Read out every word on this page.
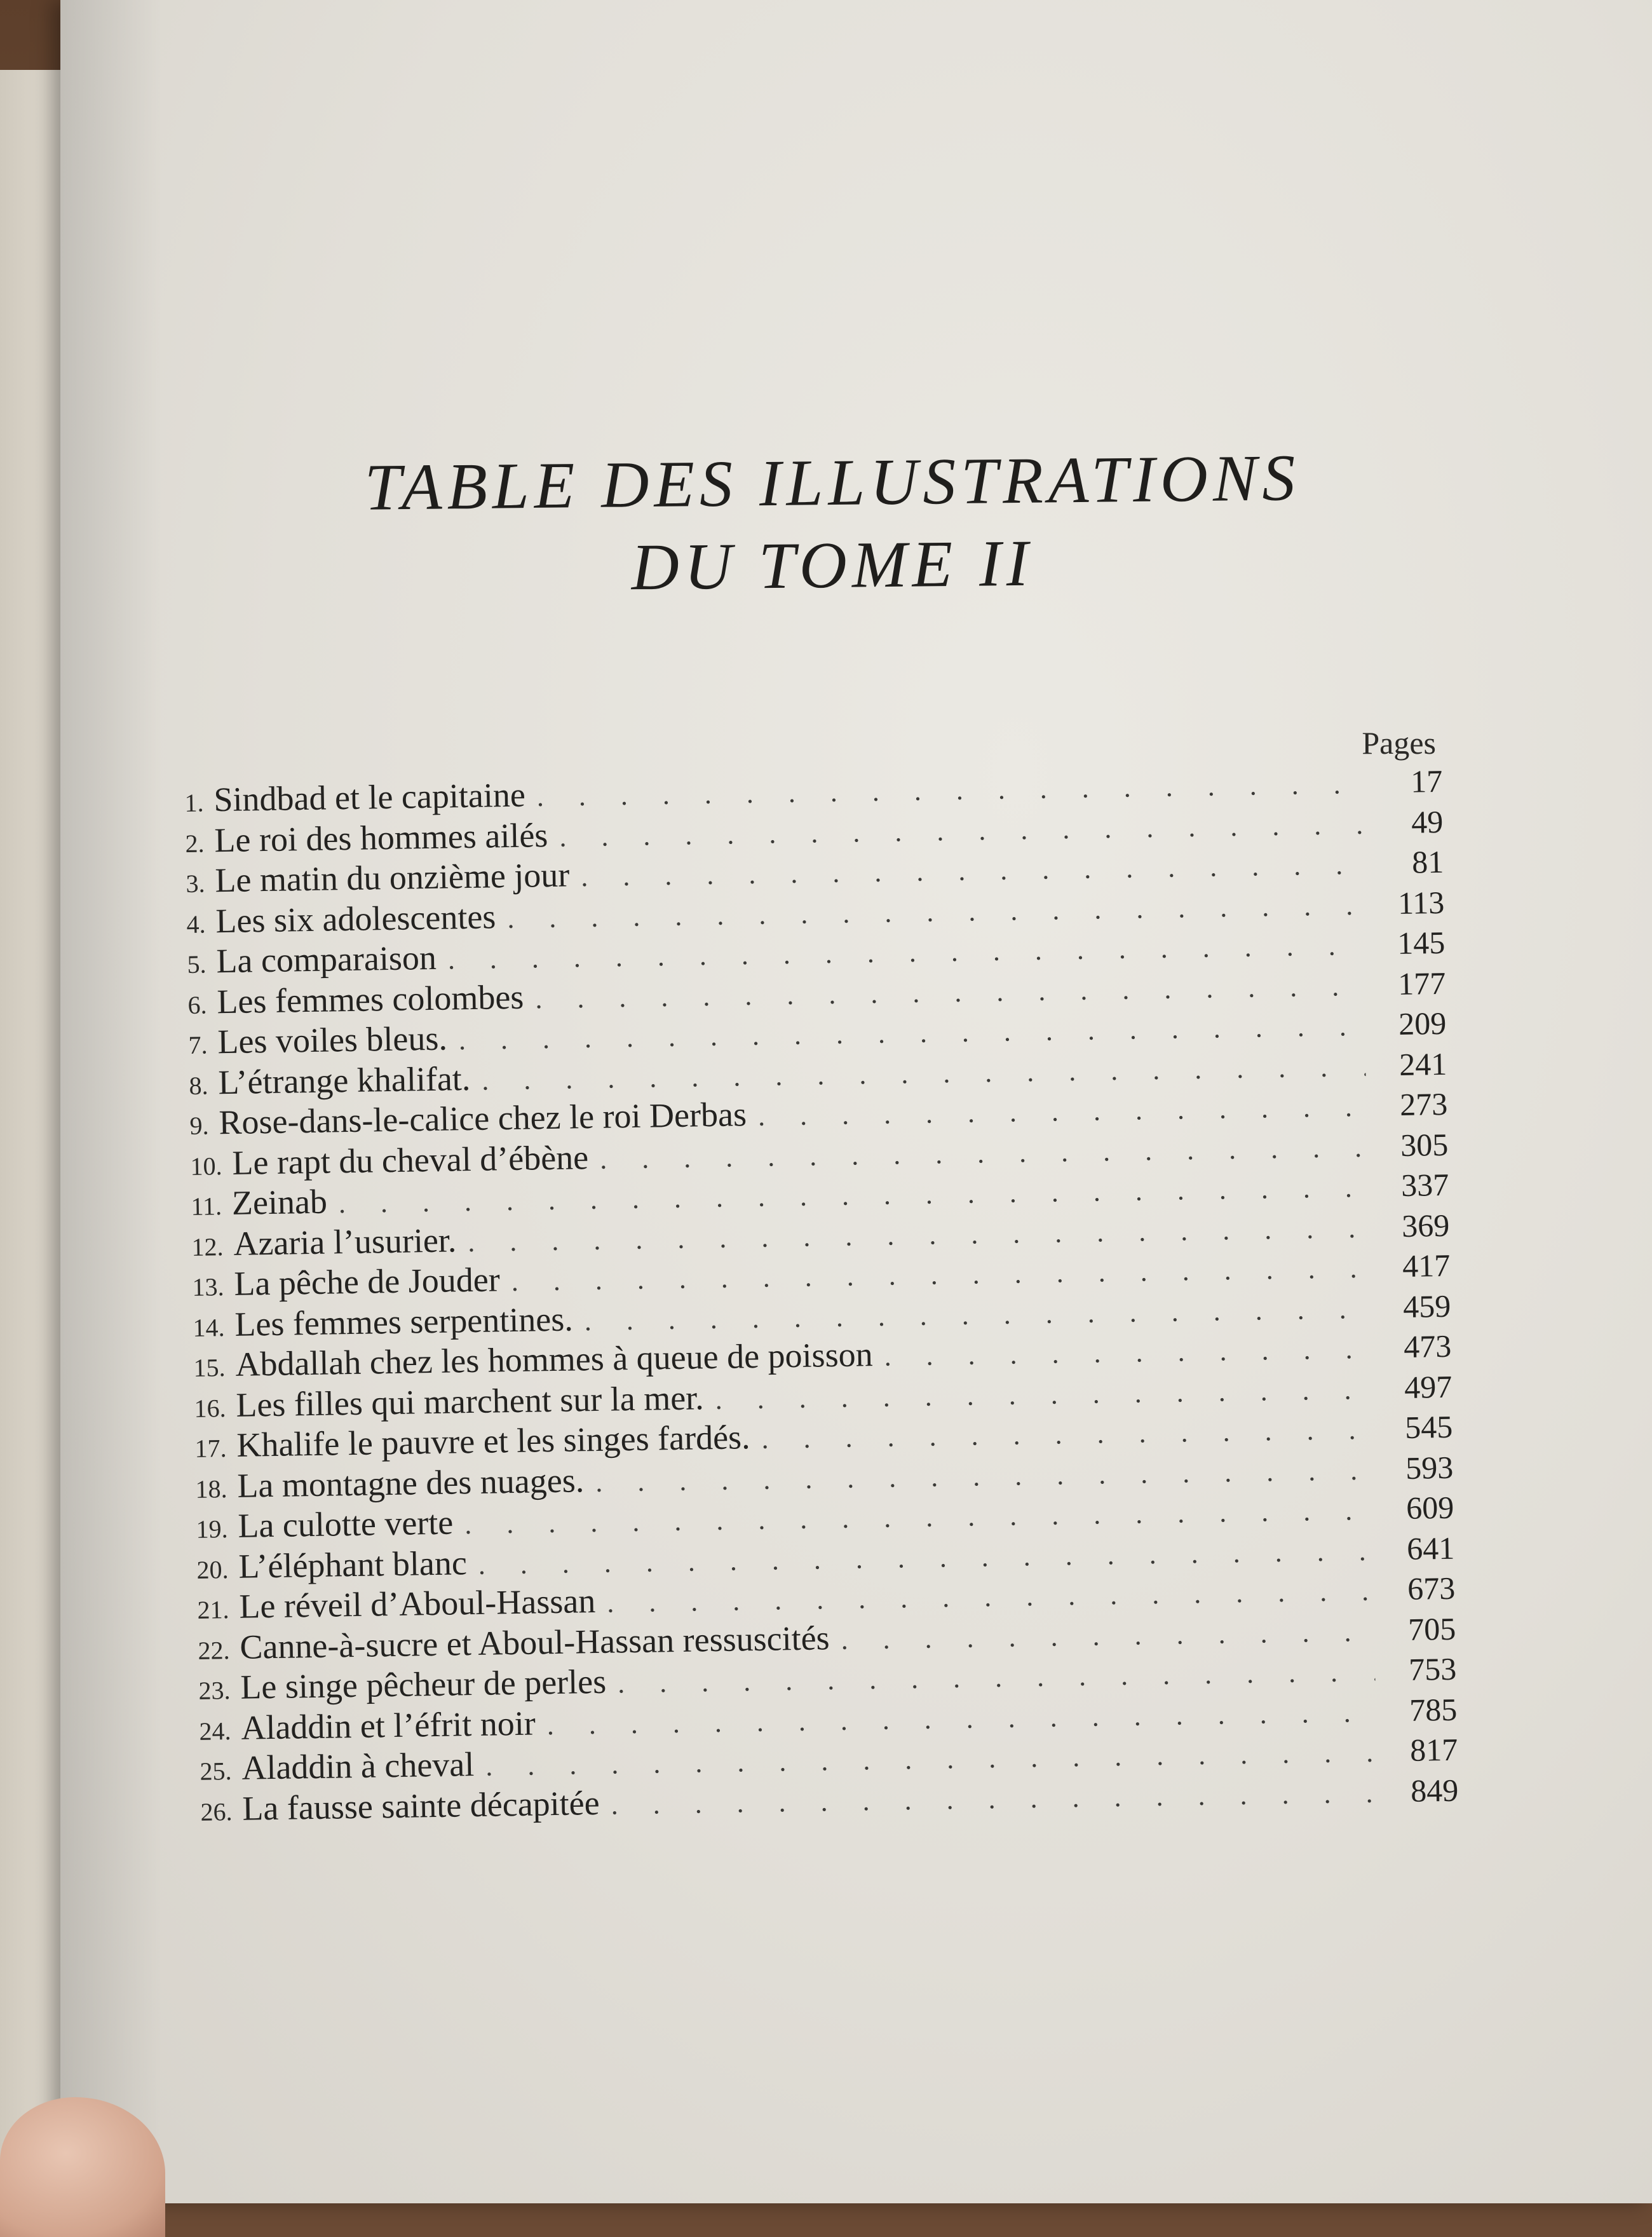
TABLE DES ILLUSTRATIONS
DU TOME II
Pages
1. Sindbad et le capitaine . . .	17
2. Le roi des hommes ailés . . .	49
3. Le matin du onzième jour . . .	81
4. Les six adolescentes . . .	113
5. La comparaison . . .	145
6. Les femmes colombes . . .	177
7. Les voiles bleus. . . .	209
8. L’étrange khalifat. . . .	241
9. Rose-dans-le-calice chez le roi Derbas . . .	273
10. Le rapt du cheval d’ébène . . .	305
11. Zeinab . . .	337
12. Azaria l’usurier. . . .	369
13. La pêche de Jouder . . .	417
14. Les femmes serpentines. . . .	459
15. Abdallah chez les hommes à queue de poisson . . .	473
16. Les filles qui marchent sur la mer. . . .	497
17. Khalife le pauvre et les singes fardés. . . .	545
18. La montagne des nuages. . . .	593
19. La culotte verte . . .	609
20. L’éléphant blanc . . .	641
21. Le réveil d’Aboul-Hassan . . .	673
22. Canne-à-sucre et Aboul-Hassan ressuscités . . .	705
23. Le singe pêcheur de perles . . .	753
24. Aladdin et l’éfrit noir . . .	785
25. Aladdin à cheval . . .	817
26. La fausse sainte décapitée . . .	849
